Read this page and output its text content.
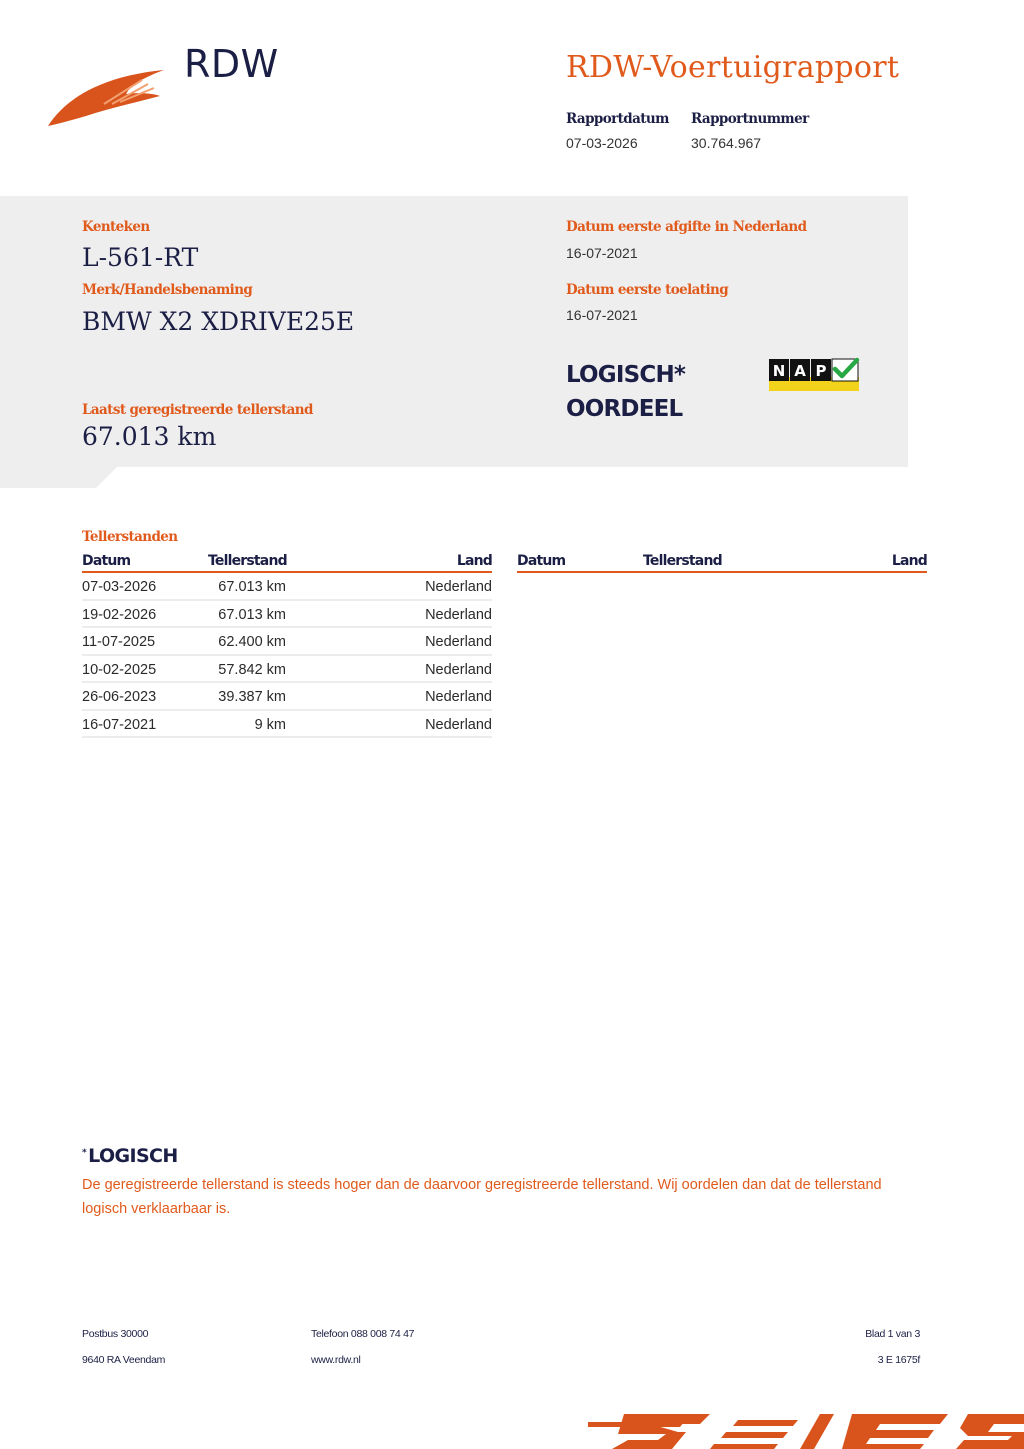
RDW	RDW-Voertuigrapport
Rapportdatum
07-03-2026
Rapportnummer
30.764.967
Kenteken
L-561-RT
Merk/Handelsbenaming
BMW X2 XDRIVE25E
Laatst geregistreerde tellerstand
67.013 km
Datum eerste afgifte in Nederland
16-07-2021
Datum eerste toelating
16-07-2021
LOGISCH*
OORDEEL
N A P
Tellerstanden
Datum	Tellerstand	Land
07-03-2026	67.013 km	Nederland
19-02-2026	67.013 km	Nederland
11-07-2025	62.400 km	Nederland
10-02-2025	57.842 km	Nederland
26-06-2023	39.387 km	Nederland
16-07-2021	9 km	Nederland
Datum	Tellerstand	Land
* LOGISCH
De geregistreerde tellerstand is steeds hoger dan de daarvoor geregistreerde tellerstand. Wij oordelen dan dat de tellerstand logisch verklaarbaar is.
Postbus 30000
9640 RA Veendam
Telefoon 088 008 74 47
www.rdw.nl
Blad 1 van 3
3 E 1675f
